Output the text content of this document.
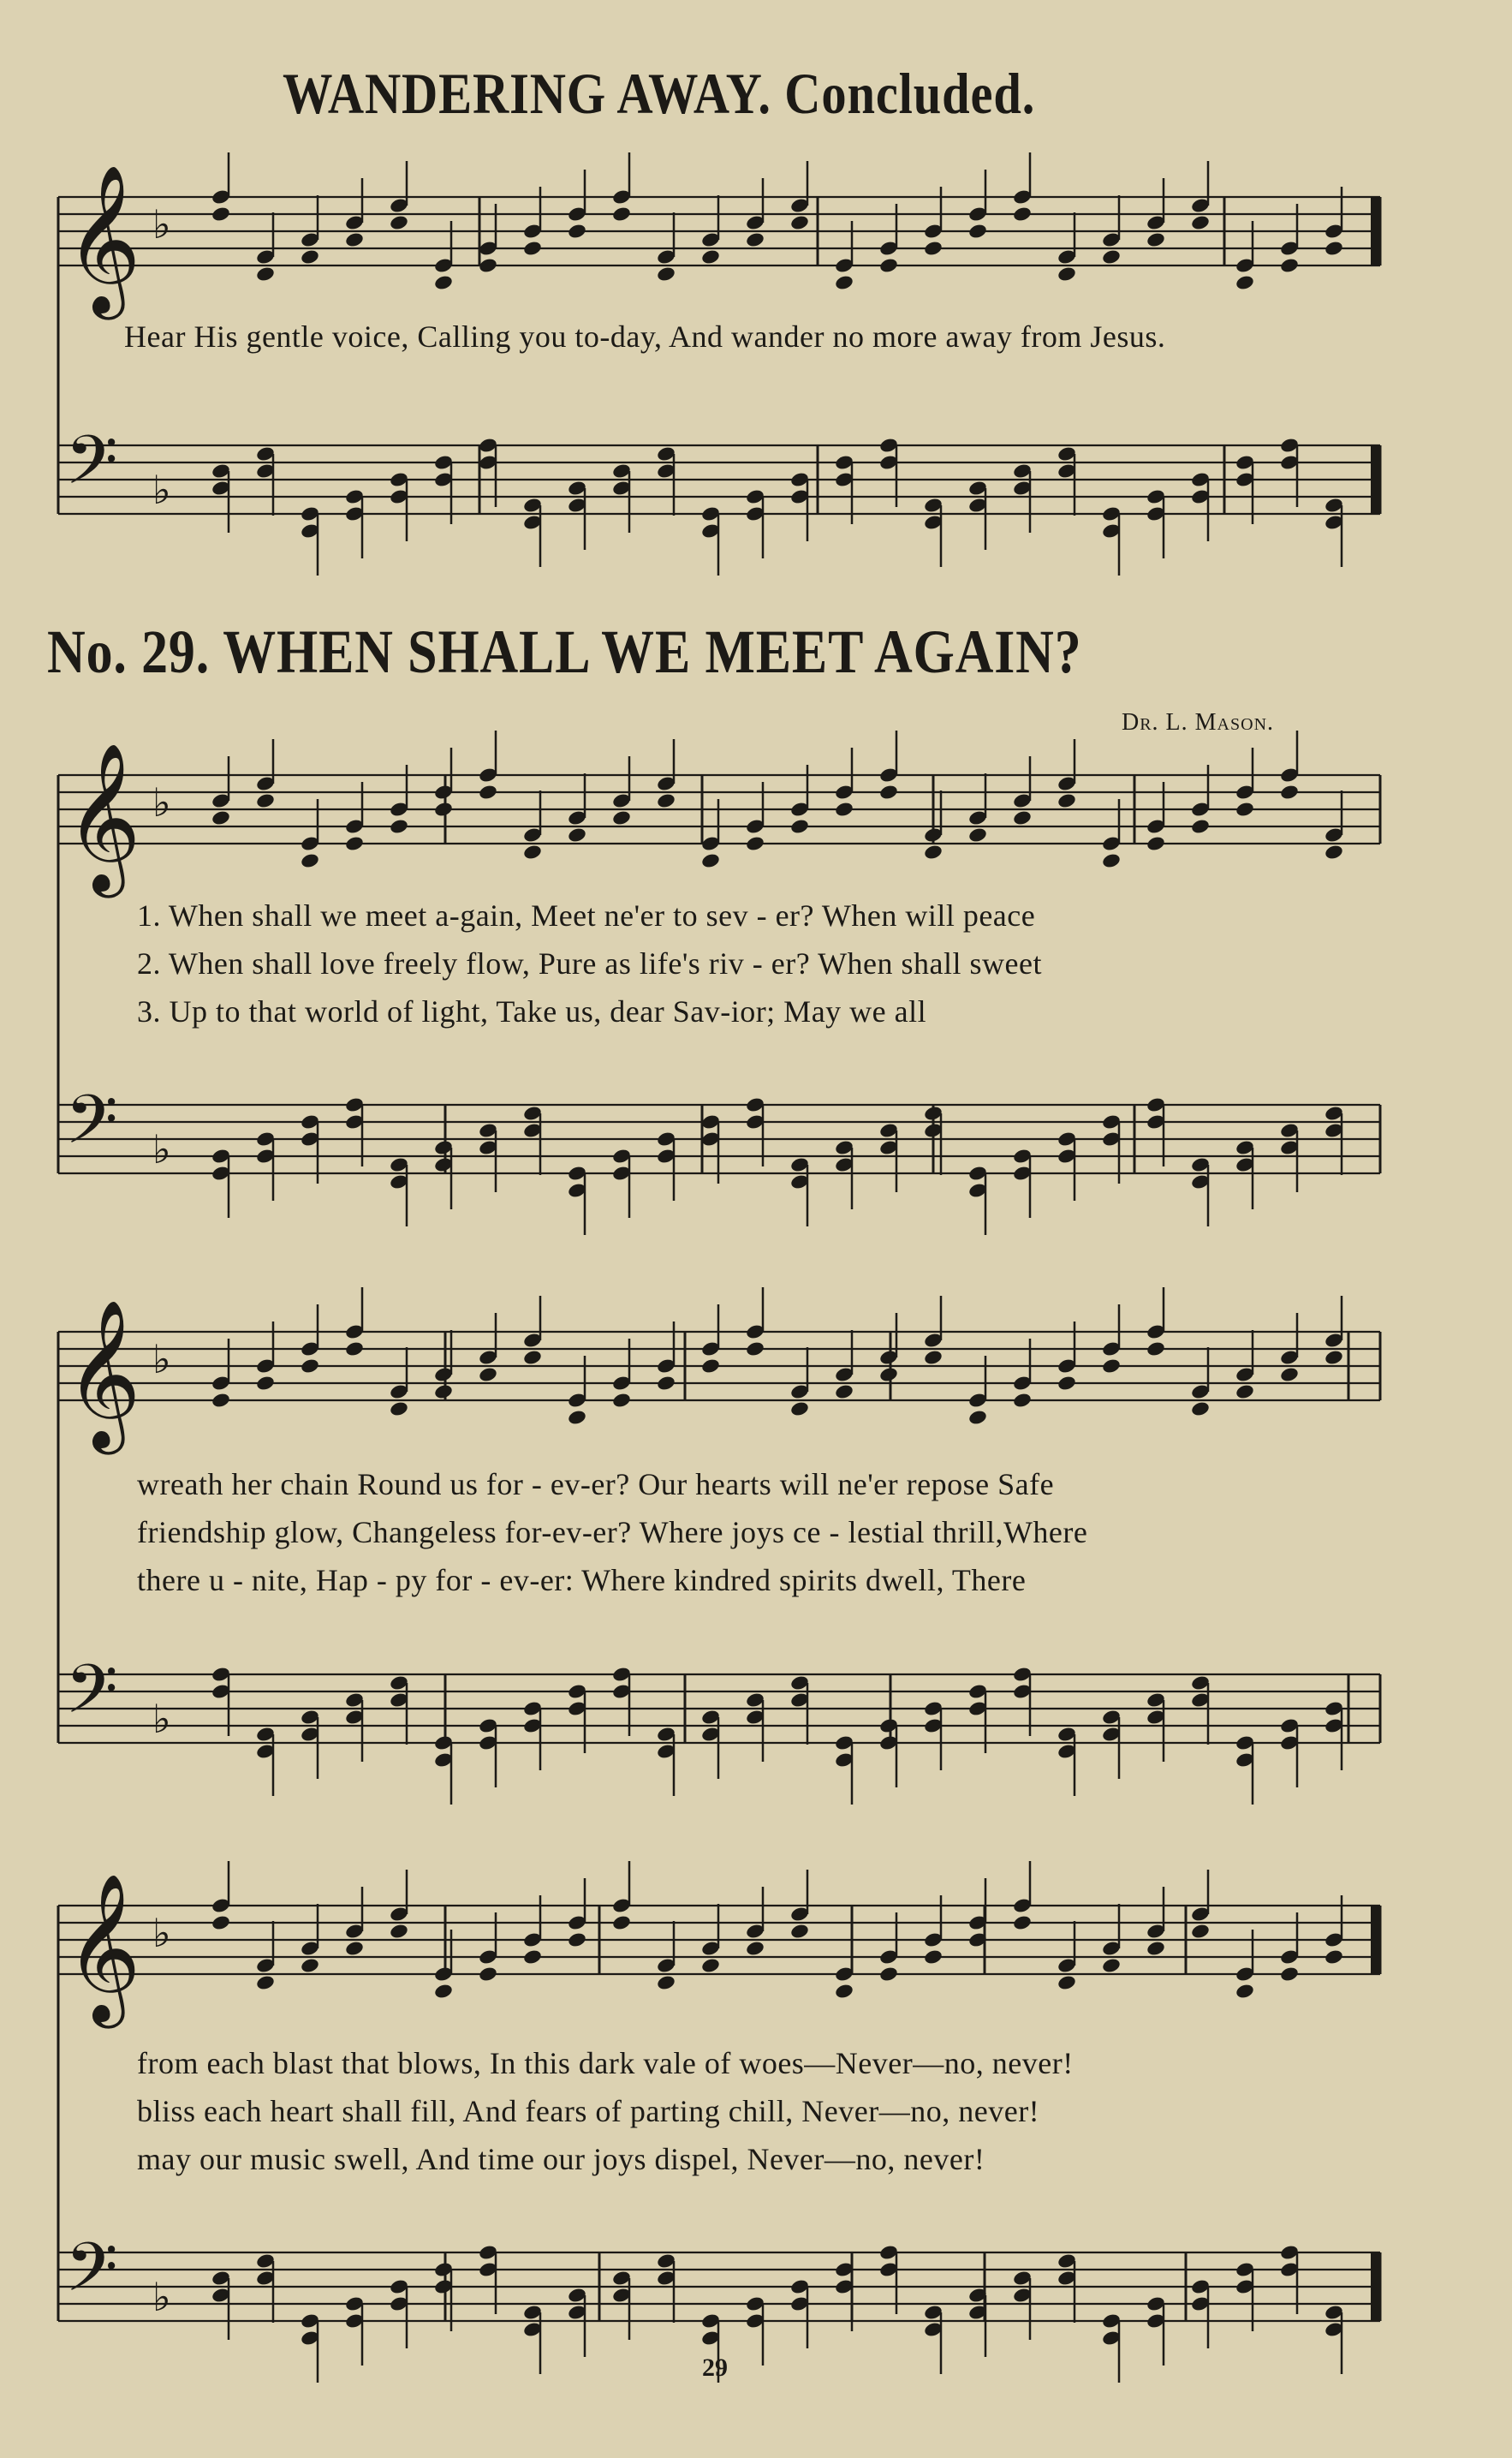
WANDERING AWAY. Concluded.
𝄞 ♭
𝄢 ♭
Hear His gentle voice, Calling you to-day, And wander no more away from Jesus.
No. 29. WHEN SHALL WE MEET AGAIN?
Dr. L. Mason.
𝄞 ♭
𝄢 ♭
𝄞 ♭
𝄢 ♭
𝄞 ♭
𝄢 ♭
1. When shall we meet a-gain, Meet ne'er to sev - er? When will peace
2. When shall love freely flow, Pure as life's riv - er? When shall sweet
3. Up to that world of light, Take us, dear Sav-ior; May we all
wreath her chain Round us for - ev-er? Our hearts will ne'er repose Safe
friendship glow, Changeless for-ev-er? Where joys ce - lestial thrill,Where
there u - nite, Hap - py for - ev-er: Where kindred spirits dwell, There
from each blast that blows, In this dark vale of woes—Never—no, never!
bliss each heart shall fill, And fears of parting chill, Never—no, never!
may our music swell, And time our joys dispel, Never—no, never!
29
